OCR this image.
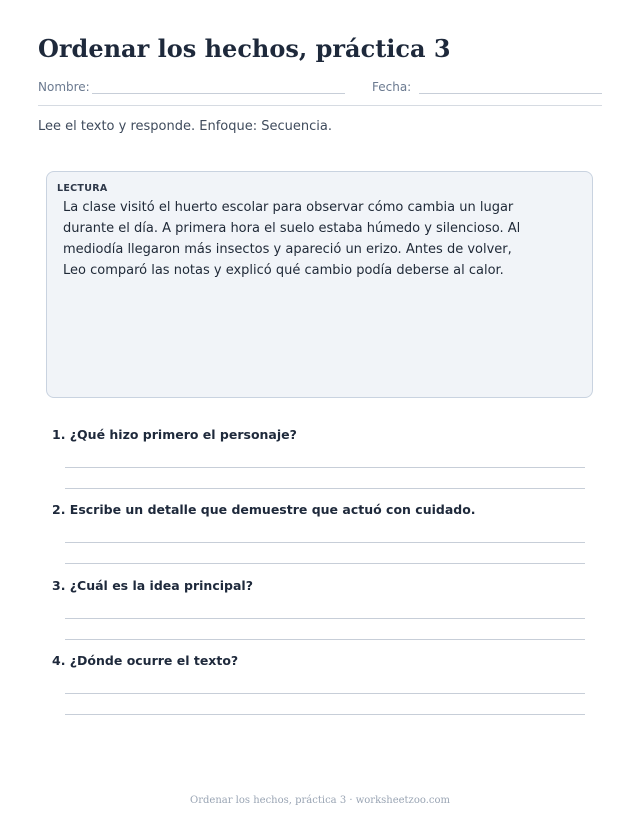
Ordenar los hechos, práctica 3
Nombre:	Fecha:
Lee el texto y responde. Enfoque: Secuencia.
LECTURA
La clase visitó el huerto escolar para observar cómo cambia un lugar durante el día. A primera hora el suelo estaba húmedo y silencioso. Al mediodía llegaron más insectos y apareció un erizo. Antes de volver, Leo comparó las notas y explicó qué cambio podía deberse al calor.
1. ¿Qué hizo primero el personaje?
2. Escribe un detalle que demuestre que actuó con cuidado.
3. ¿Cuál es la idea principal?
4. ¿Dónde ocurre el texto?
Ordenar los hechos, práctica 3 · worksheetzoo.com
